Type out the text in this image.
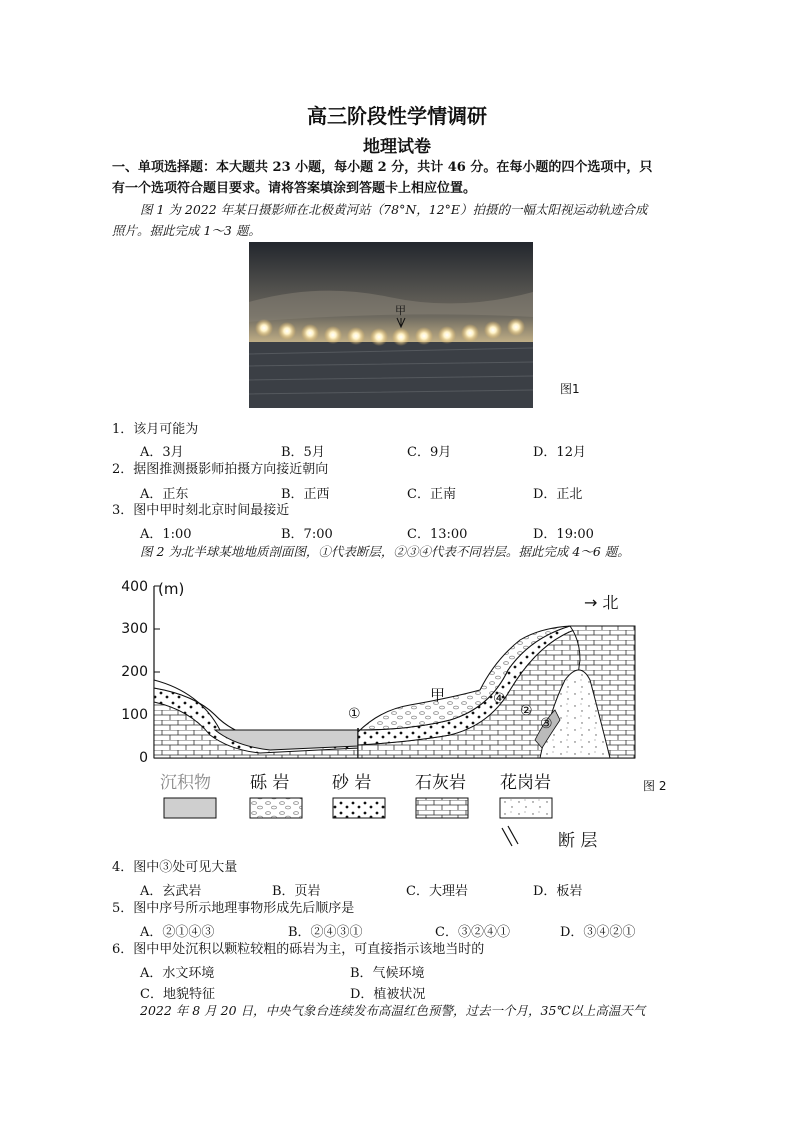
高三阶段性学情调研
地理试卷
一、单项选择题：本大题共 23 小题，每小题 2 分，共计 46 分。在每小题的四个选项中，只
有一个选项符合题目要求。请将答案填涂到答题卡上相应位置。
图 1 为 2022 年某日摄影师在北极黄河站（78°N，12°E）拍摄的一幅太阳视运动轨迹合成
照片。据此完成 1～3 题。
甲
图1
1．该月可能为
A．3月	B．5月	C．9月	D．12月
2．据图推测摄影师拍摄方向接近朝向
A．正东	B．正西	C．正南	D．正北
3．图中甲时刻北京时间最接近
A．1:00	B．7:00	C．13:00	D．19:00
图 2 为北半球某地地质剖面图，①代表断层，②③④代表不同岩层。据此完成 4～6 题。
400
300
200
100
0
(m)
→ 北
甲
①	②
③
④
沉积物 砾 岩	砂 岩	石灰岩 花岗岩
断 层
图 2
4．图中③处可见大量
A．玄武岩	B．页岩	C．大理岩	D．板岩
5．图中序号所示地理事物形成先后顺序是
A．②①④③	B．②④③①	C．③②④①	D．③④②①
6．图中甲处沉积以颗粒较粗的砾岩为主，可直接指示该地当时的
A．水文环境	B．气候环境
C．地貌特征	D．植被状况
2022 年 8 月 20 日，中央气象台连续发布高温红色预警，过去一个月，35℃以上高温天气
